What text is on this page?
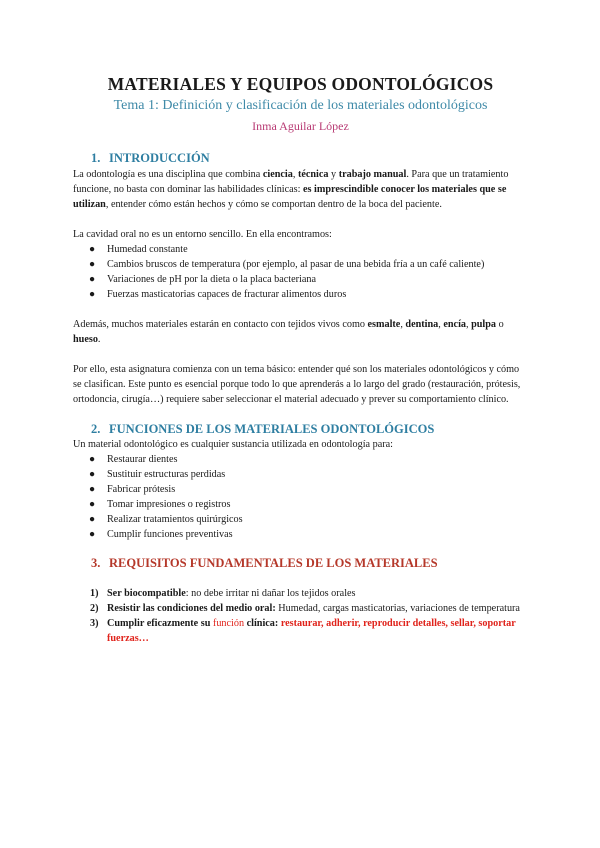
MATERIALES Y EQUIPOS ODONTOLÓGICOS
Tema 1: Definición y clasificación de los materiales odontológicos
Inma Aguilar López
1. INTRODUCCIÓN

La odontología es una disciplina que combina ciencia, técnica y trabajo manual. Para que un tratamiento funcione, no basta con dominar las habilidades clínicas: es imprescindible conocer los materiales que se utilizan, entender cómo están hechos y cómo se comportan dentro de la boca del paciente.

La cavidad oral no es un entorno sencillo. En ella encontramos:

● Humedad constante
● Cambios bruscos de temperatura (por ejemplo, al pasar de una bebida fría a un café caliente)
● Variaciones de pH por la dieta o la placa bacteriana
● Fuerzas masticatorias capaces de fracturar alimentos duros

Además, muchos materiales estarán en contacto con tejidos vivos como esmalte, dentina, encía, pulpa o hueso.

Por ello, esta asignatura comienza con un tema básico: entender qué son los materiales odontológicos y cómo se clasifican. Este punto es esencial porque todo lo que aprenderás a lo largo del grado (restauración, prótesis, ortodoncia, cirugía…) requiere saber seleccionar el material adecuado y prever su comportamiento clínico.

2. FUNCIONES DE LOS MATERIALES ODONTOLÓGICOS

Un material odontológico es cualquier sustancia utilizada en odontología para:

● Restaurar dientes
● Sustituir estructuras perdidas
● Fabricar prótesis
● Tomar impresiones o registros
● Realizar tratamientos quirúrgicos
● Cumplir funciones preventivas
3. REQUISITOS FUNDAMENTALES DE LOS MATERIALES
1) Ser biocompatible: no debe irritar ni dañar los tejidos orales
2) Resistir las condiciones del medio oral: Humedad, cargas masticatorias, variaciones de temperatura
3) Cumplir eficazmente su función clínica: restaurar, adherir, reproducir detalles, sellar, soportar fuerzas…
